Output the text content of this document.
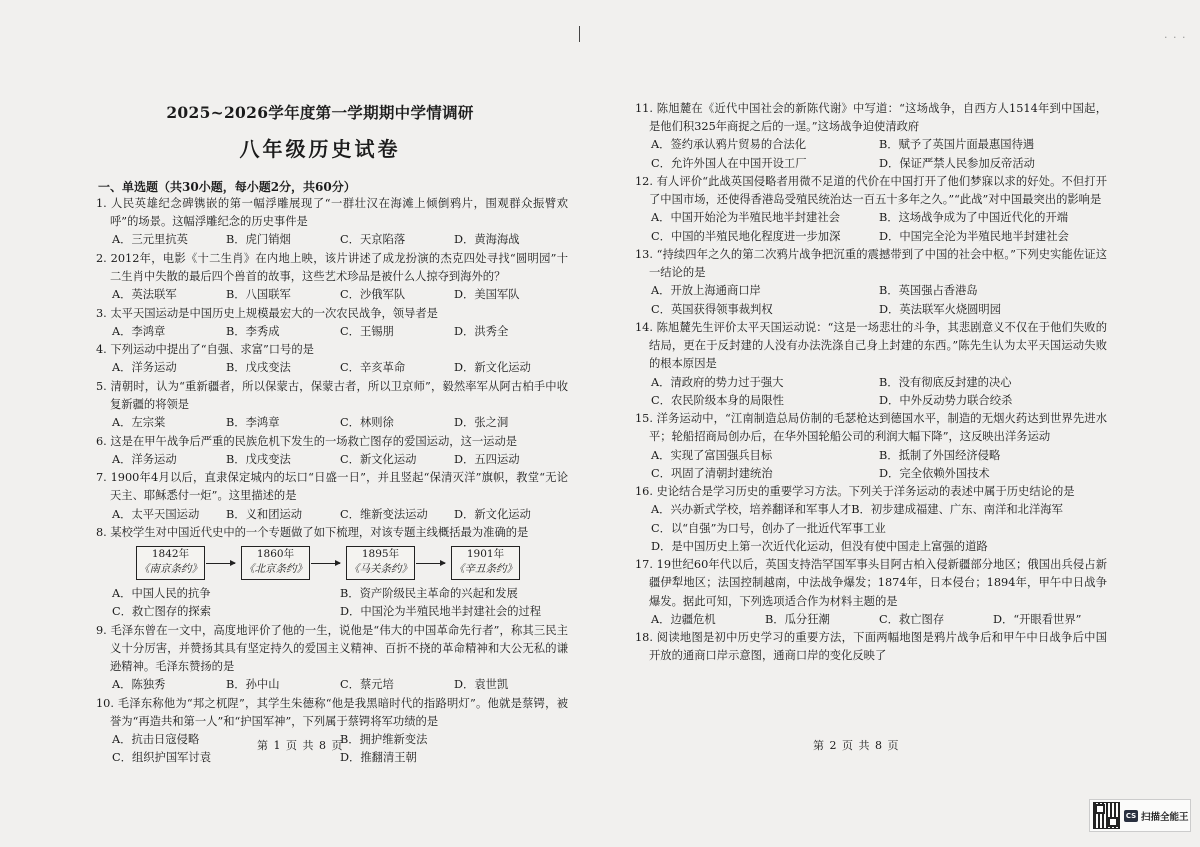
2025~2026学年度第一学期期中学情调研
八年级历史试卷
一、单选题（共30小题，每小题2分，共60分）
1. 人民英雄纪念碑镌嵌的第一幅浮雕展现了“一群壮汉在海滩上倾倒鸦片，围观群众振臂欢呼”的场景。这幅浮雕纪念的历史事件是
A．三元里抗英	B．虎门销烟	C．天京陷落	D．黄海海战
2. 2012年，电影《十二生肖》在内地上映，该片讲述了成龙扮演的杰克四处寻找“圆明园”十二生肖中失散的最后四个兽首的故事，这些艺术珍品是被什么人掠夺到海外的？
A．英法联军	B．八国联军	C．沙俄军队	D．美国军队
3. 太平天国运动是中国历史上规模最宏大的一次农民战争，领导者是
A．李鸿章	B．李秀成	C．王锡朋	D．洪秀全
4. 下列运动中提出了“自强、求富”口号的是
A．洋务运动	B．戊戌变法	C．辛亥革命	D．新文化运动
5. 清朝时，认为“重新疆者，所以保蒙古，保蒙古者，所以卫京师”，毅然率军从阿古柏手中收复新疆的将领是
A．左宗棠	B．李鸿章	C．林则徐	D．张之洞
6. 这是在甲午战争后严重的民族危机下发生的一场救亡图存的爱国运动，这一运动是
A．洋务运动	B．戊戌变法	C．新文化运动	D．五四运动
7. 1900年4月以后，直隶保定城内的坛口“日盛一日”，并且竖起“保清灭洋”旗帜，教堂“无论天主、耶稣悉付一炬”。这里描述的是
A．太平天国运动	B．义和团运动	C．维新变法运动	D．新文化运动
8. 某校学生对中国近代史中的一个专题做了如下梳理，对该专题主线概括最为准确的是
1842年
《南京条约》
1860年
《北京条约》
1895年
《马关条约》
1901年
《辛丑条约》
A．中国人民的抗争	B．资产阶级民主革命的兴起和发展
C．救亡图存的探索	D．中国沦为半殖民地半封建社会的过程
9. 毛泽东曾在一文中，高度地评价了他的一生，说他是“伟大的中国革命先行者”，称其三民主义十分厉害，并赞扬其具有坚定持久的爱国主义精神、百折不挠的革命精神和大公无私的谦逊精神。毛泽东赞扬的是
A．陈独秀	B．孙中山	C．蔡元培	D．袁世凯
10. 毛泽东称他为“邦之杌陧”，其学生朱德称“他是我黑暗时代的指路明灯”。他就是蔡锷，被誉为“再造共和第一人”和“护国军神”，下列属于蔡锷将军功绩的是
A．抗击日寇侵略	B．拥护维新变法
C．组织护国军讨袁	D．推翻清王朝
第 1 页 共 8 页
11. 陈旭麓在《近代中国社会的新陈代谢》中写道：“这场战争，自西方人1514年到中国起，是他们积325年商捉之后的一逞。”这场战争迫使清政府
A．签约承认鸦片贸易的合法化	B．赋予了英国片面最惠国待遇
C．允许外国人在中国开设工厂	D．保证严禁人民参加反帝活动
12. 有人评价“此战英国侵略者用微不足道的代价在中国打开了他们梦寐以求的好处。不但打开了中国市场，还使得香港岛受殖民统治达一百五十多年之久。”“此战”对中国最突出的影响是
A．中国开始沦为半殖民地半封建社会	B．这场战争成为了中国近代化的开端
C．中国的半殖民地化程度进一步加深	D．中国完全沦为半殖民地半封建社会
13. “持续四年之久的第二次鸦片战争把沉重的震撼带到了中国的社会中枢。”下列史实能佐证这一结论的是
A．开放上海通商口岸	B．英国强占香港岛
C．英国获得领事裁判权	D．英法联军火烧圆明园
14. 陈旭麓先生评价太平天国运动说：“这是一场悲壮的斗争，其悲剧意义不仅在于他们失败的结局，更在于反封建的人没有办法洗涤自己身上封建的东西。”陈先生认为太平天国运动失败的根本原因是
A．清政府的势力过于强大	B．没有彻底反封建的决心
C．农民阶级本身的局限性	D．中外反动势力联合绞杀
15. 洋务运动中，“江南制造总局仿制的毛瑟枪达到德国水平，制造的无烟火药达到世界先进水平；轮船招商局创办后，在华外国轮船公司的利润大幅下降”，这反映出洋务运动
A．实现了富国强兵目标	B．抵制了外国经济侵略
C．巩固了清朝封建统治	D．完全依赖外国技术
16. 史论结合是学习历史的重要学习方法。下列关于洋务运动的表述中属于历史结论的是
A．兴办新式学校，培养翻译和军事人才 B．初步建成福建、广东、南洋和北洋海军
C．以“自强”为口号，创办了一批近代军事工业
D．是中国历史上第一次近代化运动，但没有使中国走上富强的道路
17. 19世纪60年代以后，英国支持浩罕国军事头目阿古柏入侵新疆部分地区；俄国出兵侵占新疆伊犁地区；法国控制越南，中法战争爆发；1874年，日本侵台；1894年，甲午中日战争爆发。据此可知，下列选项适合作为材料主题的是
A．边疆危机	B．瓜分狂潮	C．救亡图存	D．“开眼看世界”
18. 阅读地图是初中历史学习的重要方法，下面两幅地图是鸦片战争后和甲午中日战争后中国开放的通商口岸示意图，通商口岸的变化反映了
第 2 页 共 8 页
· · ·
CS 扫描全能王
